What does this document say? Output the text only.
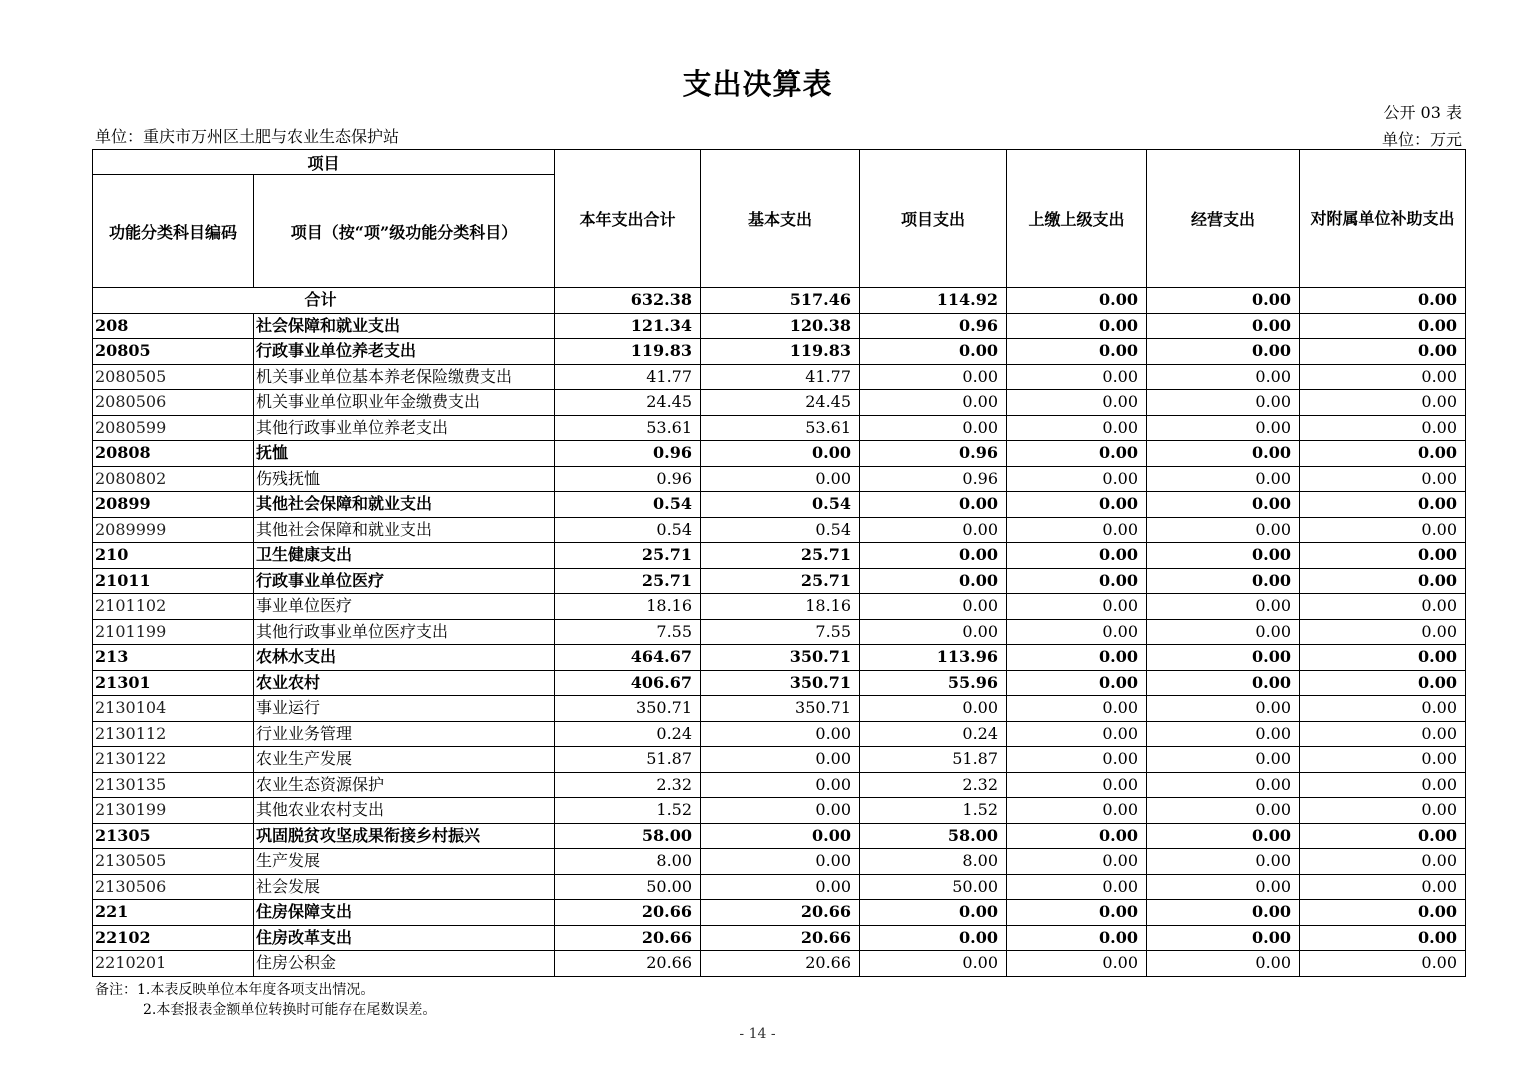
支出决算表
公开 03 表
单位：重庆市万州区土肥与农业生态保护站	单位：万元
项目		本年支出合计	基本支出	项目支出	上缴上级支出	经营支出	对附属单位补助支出
功能分类科目编码	项目（按“项”级功能分类科目）						
合计		632.38	517.46	114.92	0.00	0.00	0.00
208	社会保障和就业支出	121.34	120.38	0.96	0.00	0.00	0.00
20805	行政事业单位养老支出	119.83	119.83	0.00	0.00	0.00	0.00
2080505	机关事业单位基本养老保险缴费支出	41.77	41.77	0.00	0.00	0.00	0.00
2080506	机关事业单位职业年金缴费支出	24.45	24.45	0.00	0.00	0.00	0.00
2080599	其他行政事业单位养老支出	53.61	53.61	0.00	0.00	0.00	0.00
20808	抚恤	0.96	0.00	0.96	0.00	0.00	0.00
2080802	伤残抚恤	0.96	0.00	0.96	0.00	0.00	0.00
20899	其他社会保障和就业支出	0.54	0.54	0.00	0.00	0.00	0.00
2089999	其他社会保障和就业支出	0.54	0.54	0.00	0.00	0.00	0.00
210	卫生健康支出	25.71	25.71	0.00	0.00	0.00	0.00
21011	行政事业单位医疗	25.71	25.71	0.00	0.00	0.00	0.00
2101102	事业单位医疗	18.16	18.16	0.00	0.00	0.00	0.00
2101199	其他行政事业单位医疗支出	7.55	7.55	0.00	0.00	0.00	0.00
213	农林水支出	464.67	350.71	113.96	0.00	0.00	0.00
21301	农业农村	406.67	350.71	55.96	0.00	0.00	0.00
2130104	事业运行	350.71	350.71	0.00	0.00	0.00	0.00
2130112	行业业务管理	0.24	0.00	0.24	0.00	0.00	0.00
2130122	农业生产发展	51.87	0.00	51.87	0.00	0.00	0.00
2130135	农业生态资源保护	2.32	0.00	2.32	0.00	0.00	0.00
2130199	其他农业农村支出	1.52	0.00	1.52	0.00	0.00	0.00
21305	巩固脱贫攻坚成果衔接乡村振兴	58.00	0.00	58.00	0.00	0.00	0.00
2130505	生产发展	8.00	0.00	8.00	0.00	0.00	0.00
2130506	社会发展	50.00	0.00	50.00	0.00	0.00	0.00
221	住房保障支出	20.66	20.66	0.00	0.00	0.00	0.00
22102	住房改革支出	20.66	20.66	0.00	0.00	0.00	0.00
2210201	住房公积金	20.66	20.66	0.00	0.00	0.00	0.00
备注：1.本表反映单位本年度各项支出情况。
2.本套报表金额单位转换时可能存在尾数误差。
- 14 -
